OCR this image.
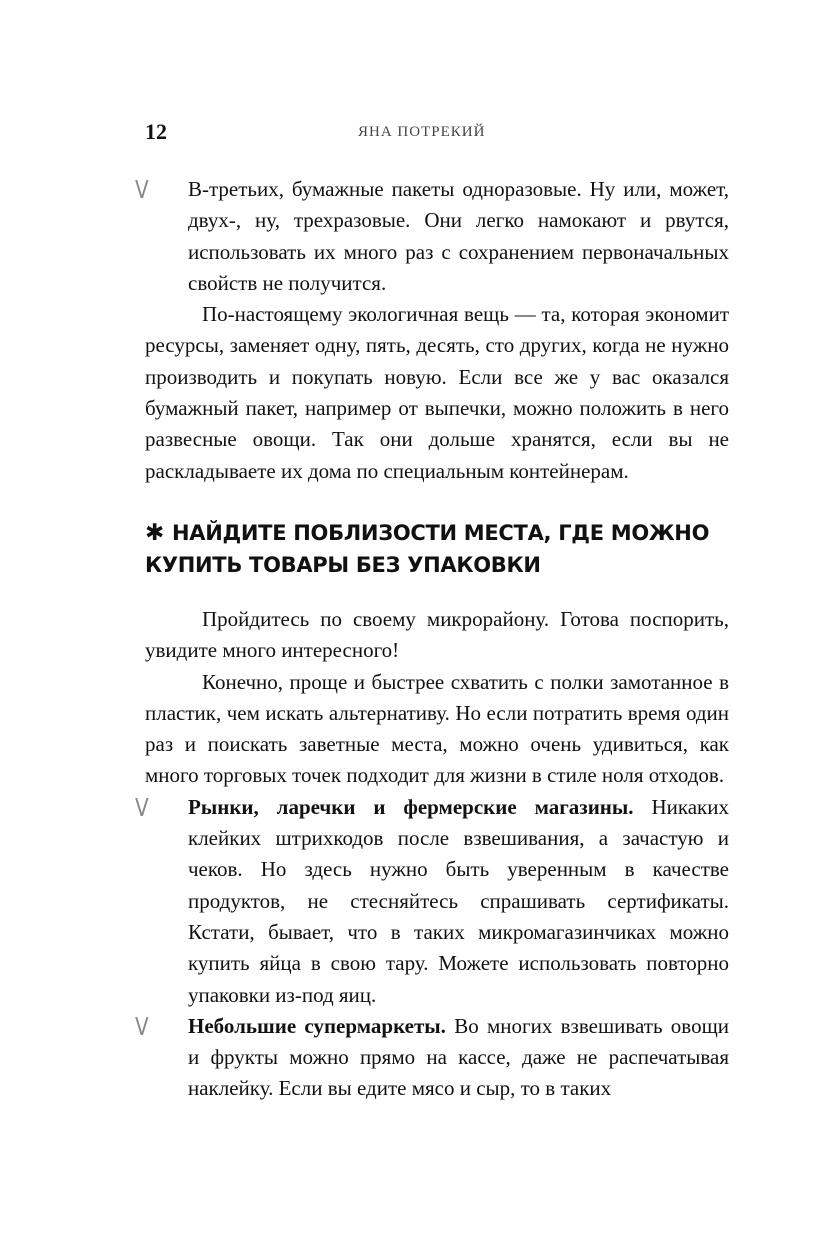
12	ЯНА ПОТРЕКИЙ

V	В-третьих, бумажные пакеты одноразовые. Ну или, может, двух-, ну, трехразовые. Они легко намокают и рвутся, использовать их много раз с сохранением первоначальных свойств не получится.

По-настоящему экологичная вещь — та, которая экономит ресурсы, заменяет одну, пять, десять, сто других, когда не нужно производить и покупать новую. Если все же у вас оказался бумажный пакет, например от выпечки, можно положить в него развесные овощи. Так они дольше хранятся, если вы не раскладываете их дома по специальным контейнерам.

✱ НАЙДИТЕ ПОБЛИЗОСТИ МЕСТА, ГДЕ МОЖНО КУПИТЬ ТОВАРЫ БЕЗ УПАКОВКИ

Пройдитесь по своему микрорайону. Готова поспорить, увидите много интересного!

Конечно, проще и быстрее схватить с полки замотанное в пластик, чем искать альтернативу. Но если потратить время один раз и поискать заветные места, можно очень удивиться, как много торговых точек подходит для жизни в стиле ноля отходов.

V	Рынки, ларечки и фермерские магазины. Никаких клейких штрихкодов после взвешивания, а зачастую и чеков. Но здесь нужно быть уверенным в качестве продуктов, не стесняйтесь спрашивать сертификаты. Кстати, бывает, что в таких микромагазинчиках можно купить яйца в свою тару. Можете использовать повторно упаковки из-под яиц.

V	Небольшие супермаркеты. Во многих взвешивать овощи и фрукты можно прямо на кассе, даже не распечатывая наклейку. Если вы едите мясо и сыр, то в таких
